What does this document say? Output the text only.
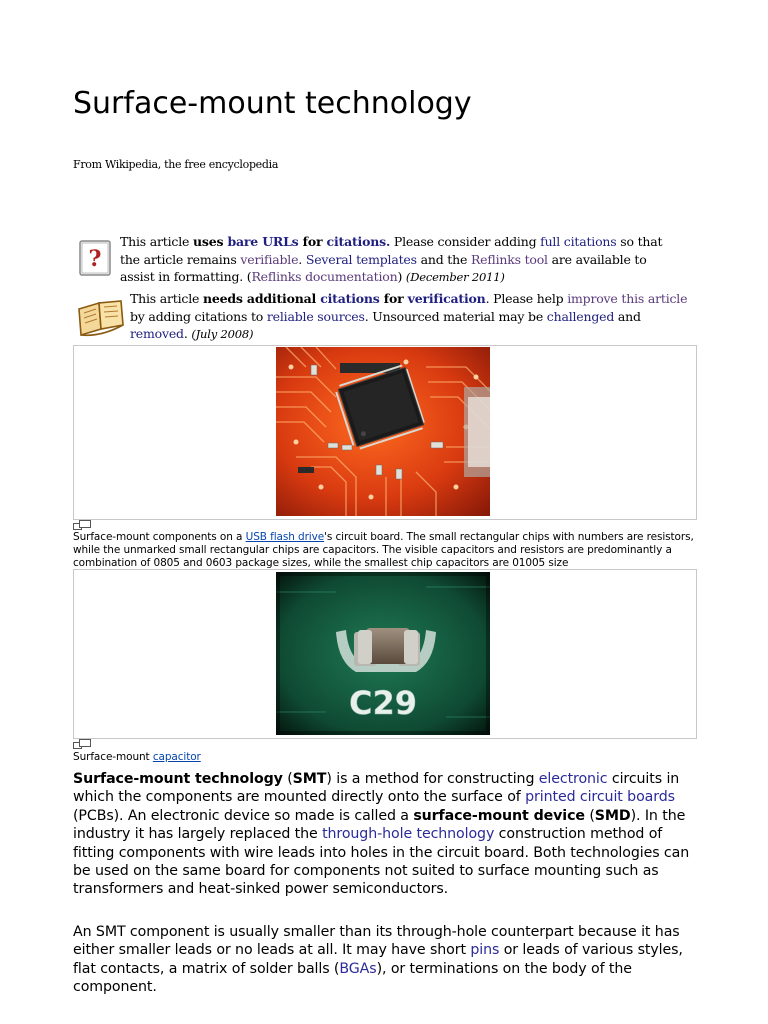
Surface-mount technology
From Wikipedia, the free encyclopedia
?
This article uses bare URLs for citations. Please consider adding full citations so that the article remains verifiable. Several templates and the Reflinks tool are available to assist in formatting. (Reflinks documentation) (December 2011)
This article needs additional citations for verification. Please help improve this article by adding citations to reliable sources. Unsourced material may be challenged and removed. (July 2008)
Surface-mount components on a USB flash drive's circuit board. The small rectangular chips with numbers are resistors, while the unmarked small rectangular chips are capacitors. The visible capacitors and resistors are predominantly a combination of 0805 and 0603 package sizes, while the smallest chip capacitors are 01005 size
C29
Surface-mount capacitor
Surface-mount technology (SMT) is a method for constructing electronic circuits in which the components are mounted directly onto the surface of printed circuit boards (PCBs). An electronic device so made is called a surface-mount device (SMD). In the industry it has largely replaced the through-hole technology construction method of fitting components with wire leads into holes in the circuit board. Both technologies can be used on the same board for components not suited to surface mounting such as transformers and heat-sinked power semiconductors.
An SMT component is usually smaller than its through-hole counterpart because it has either smaller leads or no leads at all. It may have short pins or leads of various styles, flat contacts, a matrix of solder balls (BGAs), or terminations on the body of the component.
